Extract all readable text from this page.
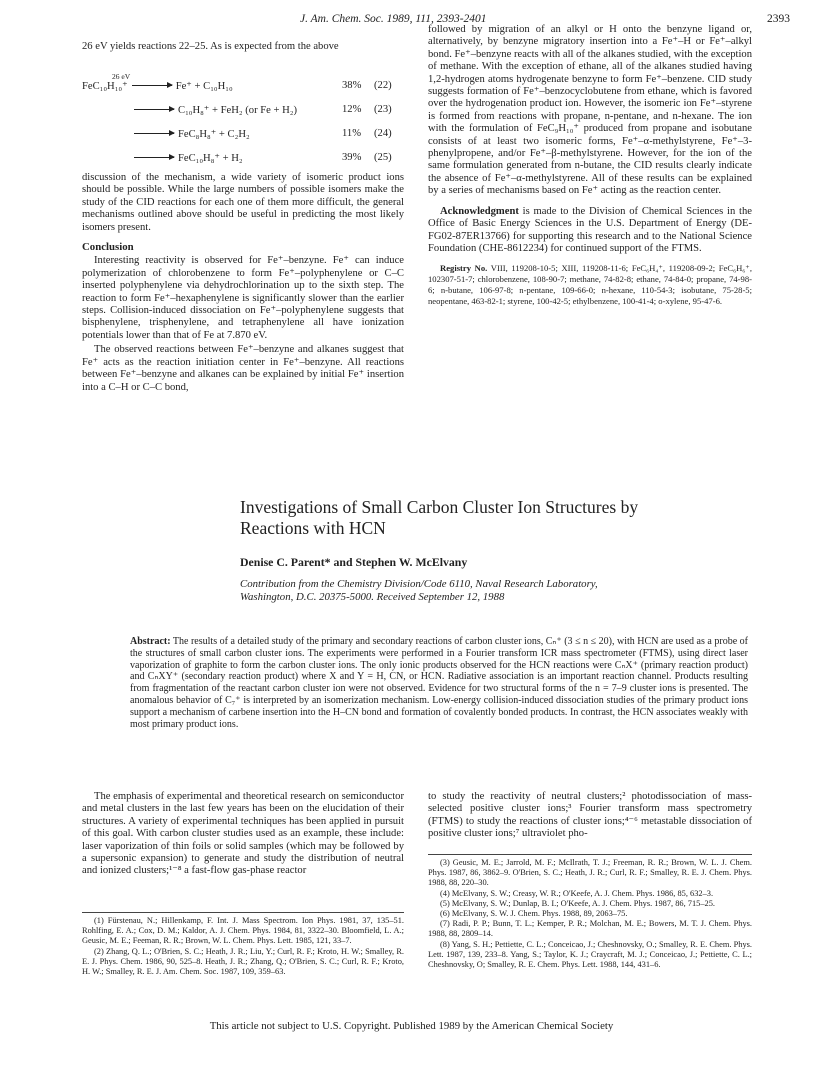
J. Am. Chem. Soc. 1989, 111, 2393-2401	2393
26 eV yields reactions 22–25. As is expected from the above
26 eV
FeC₁₀H₁₀⁺ → Fe⁺ + C₁₀H₁₀
→ C₁₀H₈⁺ + FeH₂ (or Fe + H₂)
→ FeC₈H₈⁺ + C₂H₂
→ FeC₁₀H₈⁺ + H₂
38%
12%
11%
39%
(22)
(23)
(24)
(25)

discussion of the mechanism, a wide variety of isomeric product ions should be possible. While the large numbers of possible isomers make the study of the CID reactions for each one of them more difficult, the general mechanisms outlined above should be useful in predicting the most likely isomers present.

Conclusion

Interesting reactivity is observed for Fe⁺–benzyne. Fe⁺ can induce polymerization of chlorobenzene to form Fe⁺–polyphenylene or C–C inserted polyphenylene via dehydrochlorination up to the sixth step. The reaction to form Fe⁺–hexaphenylene is significantly slower than the earlier steps. Collision-induced dissociation on Fe⁺–polyphenylene suggests that bisphenylene, trisphenylene, and tetraphenylene all have ionization potentials lower than that of Fe at 7.870 eV.

The observed reactions between Fe⁺–benzyne and alkanes suggest that Fe⁺ acts as the reaction initiation center in Fe⁺–benzyne. All reactions between Fe⁺–benzyne and alkanes can be explained by initial Fe⁺ insertion into a C–H or C–C bond,

followed by migration of an alkyl or H onto the benzyne ligand or, alternatively, by benzyne migratory insertion into a Fe⁺–H or Fe⁺–alkyl bond. Fe⁺–benzyne reacts with all of the alkanes studied, with the exception of methane. With the exception of ethane, all of the alkanes studied having 1,2-hydrogen atoms hydrogenate benzyne to form Fe⁺–benzene. CID study suggests formation of Fe⁺–benzocyclobutene from ethane, which is favored over the hydrogenation product ion. However, the isomeric ion Fe⁺–styrene is formed from reactions with propane, n-pentane, and n-hexane. The ion with the formulation of FeC₉H₁₀⁺ produced from propane and isobutane consists of at least two isomeric forms, Fe⁺–α-methylstyrene, Fe⁺–3-phenylpropene, and/or Fe⁺–β-methylstyrene. However, for the ion of the same formulation generated from n-butane, the CID results clearly indicate the absence of Fe⁺–α-methylstyrene. All of these results can be explained by a series of mechanisms based on Fe⁺ acting as the reaction center.

Acknowledgment is made to the Division of Chemical Sciences in the Office of Basic Energy Sciences in the U.S. Department of Energy (DE-FG02-87ER13766) for supporting this research and to the National Science Foundation (CHE-8612234) for continued support of the FTMS.

Registry No. VIII, 119208-10-5; XIII, 119208-11-6; FeC₆H₄⁺, 119208-09-2; FeC₆H₆⁺, 102307-51-7; chlorobenzene, 108-90-7; methane, 74-82-8; ethane, 74-84-0; propane, 74-98-6; n-butane, 106-97-8; n-pentane, 109-66-0; n-hexane, 110-54-3; isobutane, 75-28-5; neopentane, 463-82-1; styrene, 100-42-5; ethylbenzene, 100-41-4; o-xylene, 95-47-6.

Investigations of Small Carbon Cluster Ion Structures by
Reactions with HCN
Denise C. Parent* and Stephen W. McElvany
Contribution from the Chemistry Division/Code 6110, Naval Research Laboratory,
Washington, D.C. 20375-5000. Received September 12, 1988
Abstract: The results of a detailed study of the primary and secondary reactions of carbon cluster ions, Cₙ⁺ (3 ≤ n ≤ 20), with HCN are used as a probe of the structures of small carbon cluster ions. The experiments were performed in a Fourier transform ICR mass spectrometer (FTMS), using direct laser vaporization of graphite to form the carbon cluster ions. The only ionic products observed for the HCN reactions were CₙX⁺ (primary reaction product) and CₙXY⁺ (secondary reaction product) where X and Y = H, CN, or HCN. Radiative association is an important reaction channel. Products resulting from fragmentation of the reactant carbon cluster ion were not observed. Evidence for two structural forms of the n = 7–9 cluster ions is presented. The anomalous behavior of C₇⁺ is interpreted by an isomerization mechanism. Low-energy collision-induced dissociation studies of the primary product ions support a mechanism of carbene insertion into the H–CN bond and formation of covalently bonded products. In contrast, the HCN associates weakly with most primary product ions.

The emphasis of experimental and theoretical research on semiconductor and metal clusters in the last few years has been on the elucidation of their structures. A variety of experimental techniques has been applied in pursuit of this goal. With carbon cluster studies used as an example, these include: laser vaporization of thin foils or solid samples (which may be followed by a supersonic expansion) to generate and study the distribution of neutral and ionized clusters;¹⁻⁸ a fast-flow gas-phase reactor

to study the reactivity of neutral clusters;² photodissociation of mass-selected positive cluster ions;³ Fourier transform mass spectrometry (FTMS) to study the reactions of cluster ions;⁴⁻⁶ metastable dissociation of positive cluster ions;⁷ ultraviolet pho-

(1) Fürstenau, N.; Hillenkamp, F. Int. J. Mass Spectrom. Ion Phys. 1981, 37, 135–51. Rohlfing, E. A.; Cox, D. M.; Kaldor, A. J. Chem. Phys. 1984, 81, 3322–30. Bloomfield, L. A.; Geusic, M. E.; Feeman, R. R.; Brown, W. L. Chem. Phys. Lett. 1985, 121, 33–7.

(2) Zhang, Q. L.; O'Brien, S. C.; Heath, J. R.; Liu, Y.; Curl, R. F.; Kroto, H. W.; Smalley, R. E. J. Phys. Chem. 1986, 90, 525–8. Heath, J. R.; Zhang, Q.; O'Brien, S. C.; Curl, R. F.; Kroto, H. W.; Smalley, R. E. J. Am. Chem. Soc. 1987, 109, 359–63.

(3) Geusic, M. E.; Jarrold, M. F.; McIlrath, T. J.; Freeman, R. R.; Brown, W. L. J. Chem. Phys. 1987, 86, 3862–9. O'Brien, S. C.; Heath, J. R.; Curl, R. F.; Smalley, R. E. J. Chem. Phys. 1988, 88, 220–30.

(4) McElvany, S. W.; Creasy, W. R.; O'Keefe, A. J. Chem. Phys. 1986, 85, 632–3.

(5) McElvany, S. W.; Dunlap, B. I.; O'Keefe, A. J. Chem. Phys. 1987, 86, 715–25.

(6) McElvany, S. W. J. Chem. Phys. 1988, 89, 2063–75.

(7) Radi, P. P.; Bunn, T. L.; Kemper, P. R.; Molchan, M. E.; Bowers, M. T. J. Chem. Phys. 1988, 88, 2809–14.

(8) Yang, S. H.; Pettiette, C. L.; Conceicao, J.; Cheshnovsky, O.; Smalley, R. E. Chem. Phys. Lett. 1987, 139, 233–8. Yang, S.; Taylor, K. J.; Craycraft, M. J.; Conceicao, J.; Pettiette, C. L.; Cheshnovsky, O; Smalley, R. E. Chem. Phys. Lett. 1988, 144, 431–6.

This article not subject to U.S. Copyright. Published 1989 by the American Chemical Society
